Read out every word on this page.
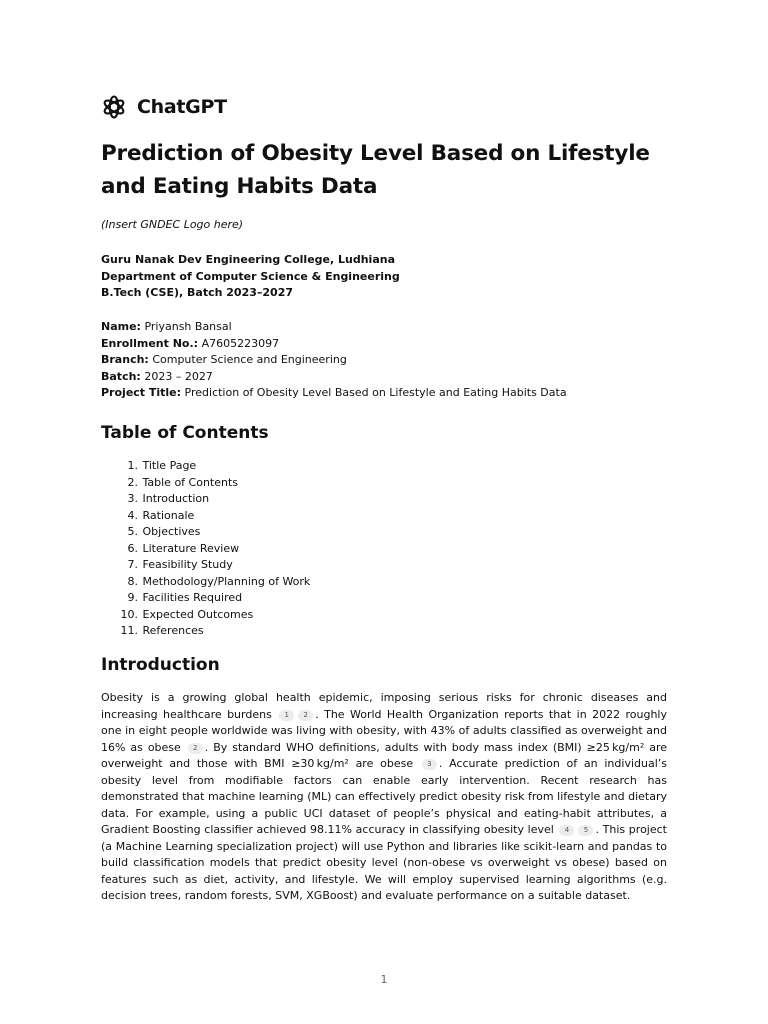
ChatGPT
Prediction of Obesity Level Based on Lifestyle and Eating Habits Data
(Insert GNDEC Logo here)
Guru Nanak Dev Engineering College, Ludhiana
Department of Computer Science & Engineering
B.Tech (CSE), Batch 2023–2027
Name: Priyansh Bansal
Enrollment No.: A7605223097
Branch: Computer Science and Engineering
Batch: 2023 – 2027
Project Title: Prediction of Obesity Level Based on Lifestyle and Eating Habits Data
Table of Contents
1. Title Page
2. Table of Contents
3. Introduction
4. Rationale
5. Objectives
6. Literature Review
7. Feasibility Study
8. Methodology/Planning of Work
9. Facilities Required
10. Expected Outcomes
11. References
Introduction

Obesity is a growing global health epidemic, imposing serious risks for chronic diseases and increasing healthcare burdens 1 2 . The World Health Organization reports that in 2022 roughly one in eight people worldwide was living with obesity, with 43% of adults classified as overweight and 16% as obese 2 . By standard WHO definitions, adults with body mass index (BMI) ≥25 kg/m² are overweight and those with BMI ≥30 kg/m² are obese 3 . Accurate prediction of an individual’s obesity level from modifiable factors can enable early intervention. Recent research has demonstrated that machine learning (ML) can effectively predict obesity risk from lifestyle and dietary data. For example, using a public UCI dataset of people’s physical and eating-habit attributes, a Gradient Boosting classifier achieved 98.11% accuracy in classifying obesity level 4 5 . This project (a Machine Learning specialization project) will use Python and libraries like scikit-learn and pandas to build classification models that predict obesity level (non-obese vs overweight vs obese) based on features such as diet, activity, and lifestyle. We will employ supervised learning algorithms (e.g. decision trees, random forests, SVM, XGBoost) and evaluate performance on a suitable dataset.

1
